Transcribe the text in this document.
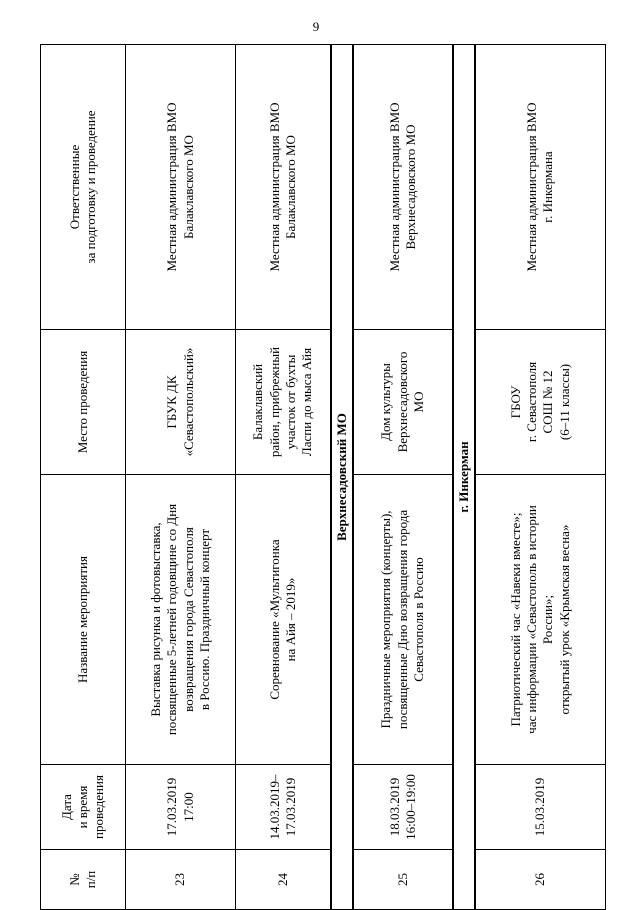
9
№
п/п	Дата
и время
проведения	Название мероприятия	Место проведения	Ответственные
за подготовку и проведение
23	17.03.2019
17:00	Выставка рисунка и фотовыставка,
посвященные 5-летней годовщине со Дня
возвращения города Севастополя
в Россию. Праздничный концерт	ГБУК ДК
«Севастопольский»	Местная администрация ВМО
Балаклавского МО
24	14.03.2019–
17.03.2019	Соревнование «Мультигонка
на Айя – 2019»	Балаклавский
район, прибрежный
участок от бухты
Ласпи до мыса Айя	Местная администрация ВМО
Балаклавского МО
Верхнесадовский МО				
25	18.03.2019
16:00–19:00	Праздничные мероприятия (концерты),
посвященные Дню возвращения города
Севастополя в Россию	Дом культуры
Верхнесадовского
МО	Местная администрация ВМО
Верхнесадовского МО
г. Инкерман				
26	15.03.2019	Патриотический час «Навеки вместе»;
час информации «Севастополь в истории
России»;
открытый урок «Крымская весна»	ГБОУ
г. Севастополя
СОШ № 12
(6–11 классы)	Местная администрация ВМО
г. Инкермана
